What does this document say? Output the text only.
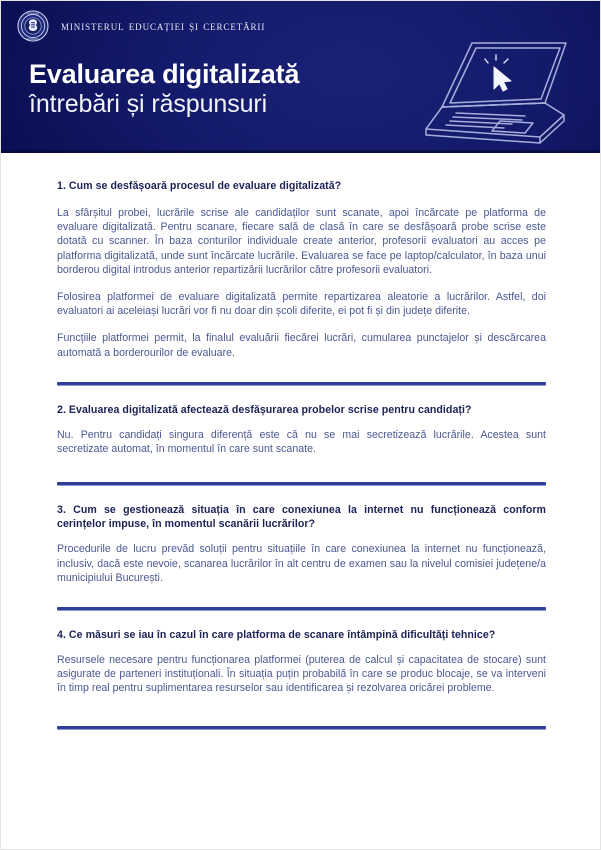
ROMANIA
ROMANIA
ministerul educației și cercetării
Evaluarea digitalizată
întrebări și răspunsuri
1. Cum se desfășoară procesul de evaluare digitalizată?

La sfârșitul probei, lucrările scrise ale candidaților sunt scanate, apoi încărcate pe platforma de evaluare digitalizată. Pentru scanare, fiecare sală de clasă în care se desfășoară probe scrise este dotată cu scanner. În baza conturilor individuale create anterior, profesorii evaluatori au acces pe platforma digitalizată, unde sunt încărcate lucrările. Evaluarea se face pe laptop/calculator, în baza unui borderou digital introdus anterior repartizării lucrărilor către profesorii evaluatori.

Folosirea platformei de evaluare digitalizată permite repartizarea aleatorie a lucrărilor. Astfel, doi evaluatori ai aceleiași lucrări vor fi nu doar din școli diferite, ei pot fi și din județe diferite.

Funcțiile platformei permit, la finalul evaluării fiecărei lucrări, cumularea punctajelor și descărcarea automată a borderourilor de evaluare.

2. Evaluarea digitalizată afectează desfășurarea probelor scrise pentru candidați?

Nu. Pentru candidați singura diferență este că nu se mai secretizează lucrările. Acestea sunt secretizate automat, în momentul în care sunt scanate.

3. Cum se gestionează situația în care conexiunea la internet nu funcționează conform cerințelor impuse, în momentul scanării lucrărilor?

Procedurile de lucru prevăd soluții pentru situațiile în care conexiunea la internet nu funcționează, inclusiv, dacă este nevoie, scanarea lucrărilor în alt centru de examen sau la nivelul comisiei județene/a municipiului București.

4. Ce măsuri se iau în cazul în care platforma de scanare întâmpină dificultăți tehnice?

Resursele necesare pentru funcționarea platformei (puterea de calcul și capacitatea de stocare) sunt asigurate de parteneri instituționali. În situația puțin probabilă în care se produc blocaje, se va interveni în timp real pentru suplimentarea resurselor sau identificarea și rezolvarea oricărei probleme.
